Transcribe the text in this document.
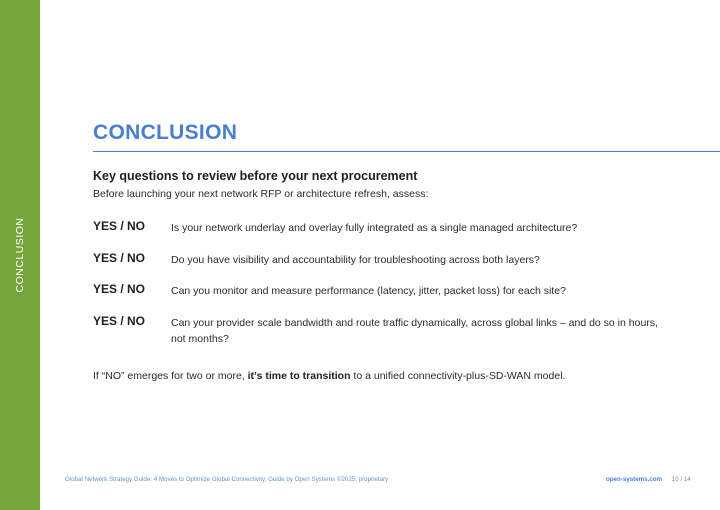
CONCLUSION
CONCLUSION
Key questions to review before your next procurement
Before launching your next network RFP or architecture refresh, assess:
YES / NO Is your network underlay and overlay fully integrated as a single managed architecture?
YES / NO Do you have visibility and accountability for troubleshooting across both layers?
YES / NO Can you monitor and measure performance (latency, jitter, packet loss) for each site?
YES / NO Can your provider scale bandwidth and route traffic dynamically, across global links – and do so in hours, not months?
If “NO” emerges for two or more, it’s time to transition to a unified connectivity-plus-SD-WAN model.
Global Network Strategy Guide: 4 Moves to Optimize Global Connectivity, Guide by Open Systems ©2025, proprietary	open-systems.com 10 / 14
